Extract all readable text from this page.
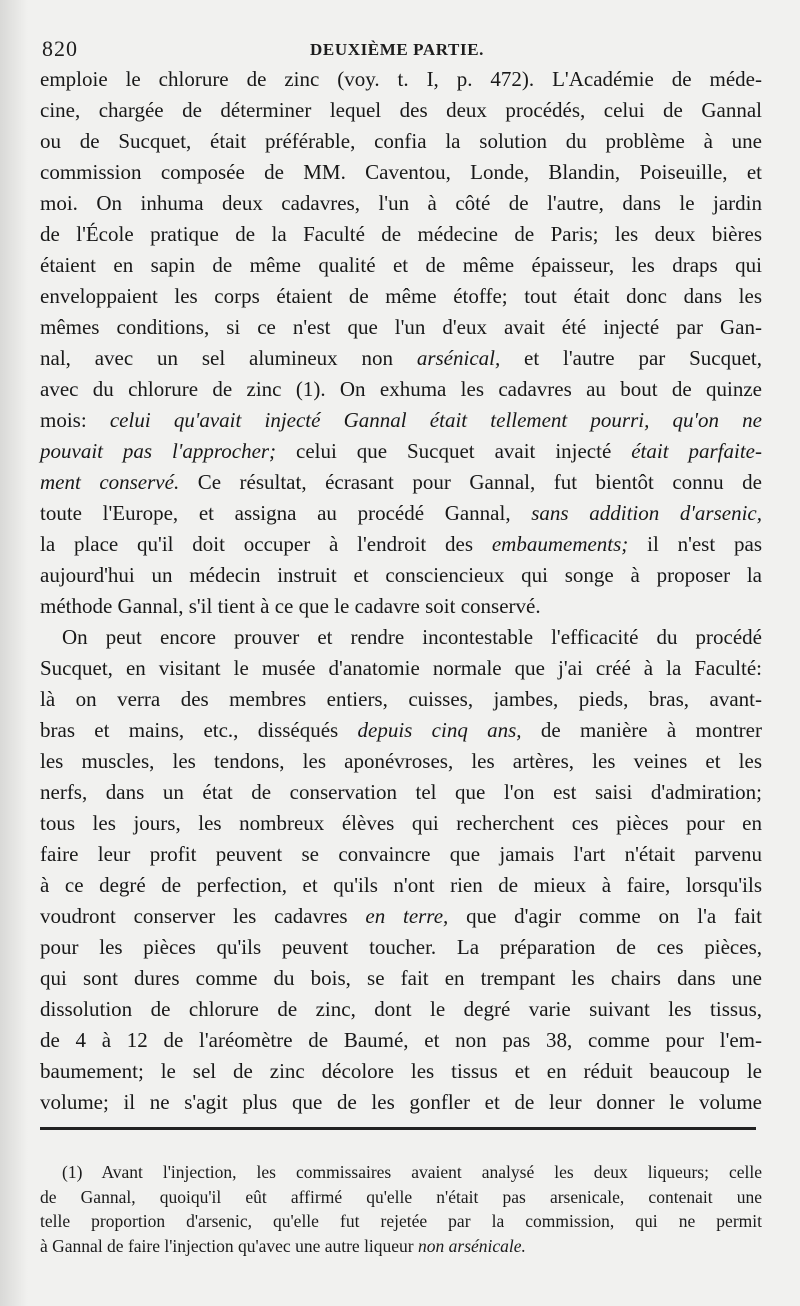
820	DEUXIÈME PARTIE.
emploie le chlorure de zinc (voy. t. I, p. 472). L'Académie de méde-
cine, chargée de déterminer lequel des deux procédés, celui de Gannal
ou de Sucquet, était préférable, confia la solution du problème à une
commission composée de MM. Caventou, Londe, Blandin, Poiseuille, et
moi. On inhuma deux cadavres, l'un à côté de l'autre, dans le jardin
de l'École pratique de la Faculté de médecine de Paris; les deux bières
étaient en sapin de même qualité et de même épaisseur, les draps qui
enveloppaient les corps étaient de même étoffe; tout était donc dans les
mêmes conditions, si ce n'est que l'un d'eux avait été injecté par Gan-
nal, avec un sel alumineux non arsénical, et l'autre par Sucquet,
avec du chlorure de zinc (1). On exhuma les cadavres au bout de quinze
mois: celui qu'avait injecté Gannal était tellement pourri, qu'on ne
pouvait pas l'approcher; celui que Sucquet avait injecté était parfaite-
ment conservé. Ce résultat, écrasant pour Gannal, fut bientôt connu de
toute l'Europe, et assigna au procédé Gannal, sans addition d'arsenic,
la place qu'il doit occuper à l'endroit des embaumements; il n'est pas
aujourd'hui un médecin instruit et consciencieux qui songe à proposer la
méthode Gannal, s'il tient à ce que le cadavre soit conservé.
On peut encore prouver et rendre incontestable l'efficacité du procédé
Sucquet, en visitant le musée d'anatomie normale que j'ai créé à la Faculté:
là on verra des membres entiers, cuisses, jambes, pieds, bras, avant-
bras et mains, etc., disséqués depuis cinq ans, de manière à montrer
les muscles, les tendons, les aponévroses, les artères, les veines et les
nerfs, dans un état de conservation tel que l'on est saisi d'admiration;
tous les jours, les nombreux élèves qui recherchent ces pièces pour en
faire leur profit peuvent se convaincre que jamais l'art n'était parvenu
à ce degré de perfection, et qu'ils n'ont rien de mieux à faire, lorsqu'ils
voudront conserver les cadavres en terre, que d'agir comme on l'a fait
pour les pièces qu'ils peuvent toucher. La préparation de ces pièces,
qui sont dures comme du bois, se fait en trempant les chairs dans une
dissolution de chlorure de zinc, dont le degré varie suivant les tissus,
de 4 à 12 de l'aréomètre de Baumé, et non pas 38, comme pour l'em-
baumement; le sel de zinc décolore les tissus et en réduit beaucoup le
volume; il ne s'agit plus que de les gonfler et de leur donner le volume
(1) Avant l'injection, les commissaires avaient analysé les deux liqueurs; celle
de Gannal, quoiqu'il eût affirmé qu'elle n'était pas arsenicale, contenait une
telle proportion d'arsenic, qu'elle fut rejetée par la commission, qui ne permit
à Gannal de faire l'injection qu'avec une autre liqueur non arsénicale.
